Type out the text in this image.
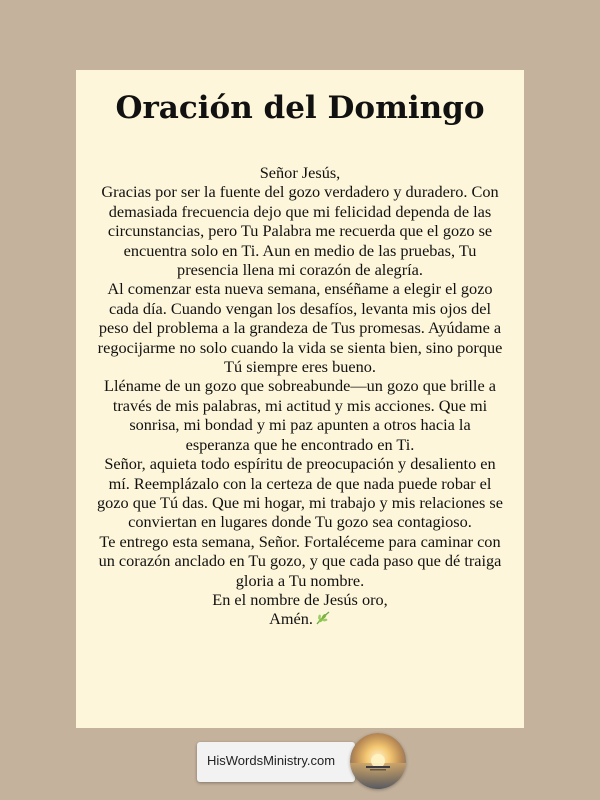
Oración del Domingo

Señor Jesús,

Gracias por ser la fuente del gozo verdadero y duradero. Con demasiada frecuencia dejo que mi felicidad dependa de las circunstancias, pero Tu Palabra me recuerda que el gozo se encuentra solo en Ti. Aun en medio de las pruebas, Tu presencia llena mi corazón de alegría.

Al comenzar esta nueva semana, enséñame a elegir el gozo cada día. Cuando vengan los desafíos, levanta mis ojos del peso del problema a la grandeza de Tus promesas. Ayúdame a regocijarme no solo cuando la vida se sienta bien, sino porque Tú siempre eres bueno.

Lléname de un gozo que sobreabunde—un gozo que brille a través de mis palabras, mi actitud y mis acciones. Que mi sonrisa, mi bondad y mi paz apunten a otros hacia la esperanza que he encontrado en Ti.

Señor, aquieta todo espíritu de preocupación y desaliento en mí. Reemplázalo con la certeza de que nada puede robar el gozo que Tú das. Que mi hogar, mi trabajo y mis relaciones se conviertan en lugares donde Tu gozo sea contagioso.

Te entrego esta semana, Señor. Fortaléceme para caminar con un corazón anclado en Tu gozo, y que cada paso que dé traiga gloria a Tu nombre.

En el nombre de Jesús oro,

Amén.

HisWordsMinistry.com
